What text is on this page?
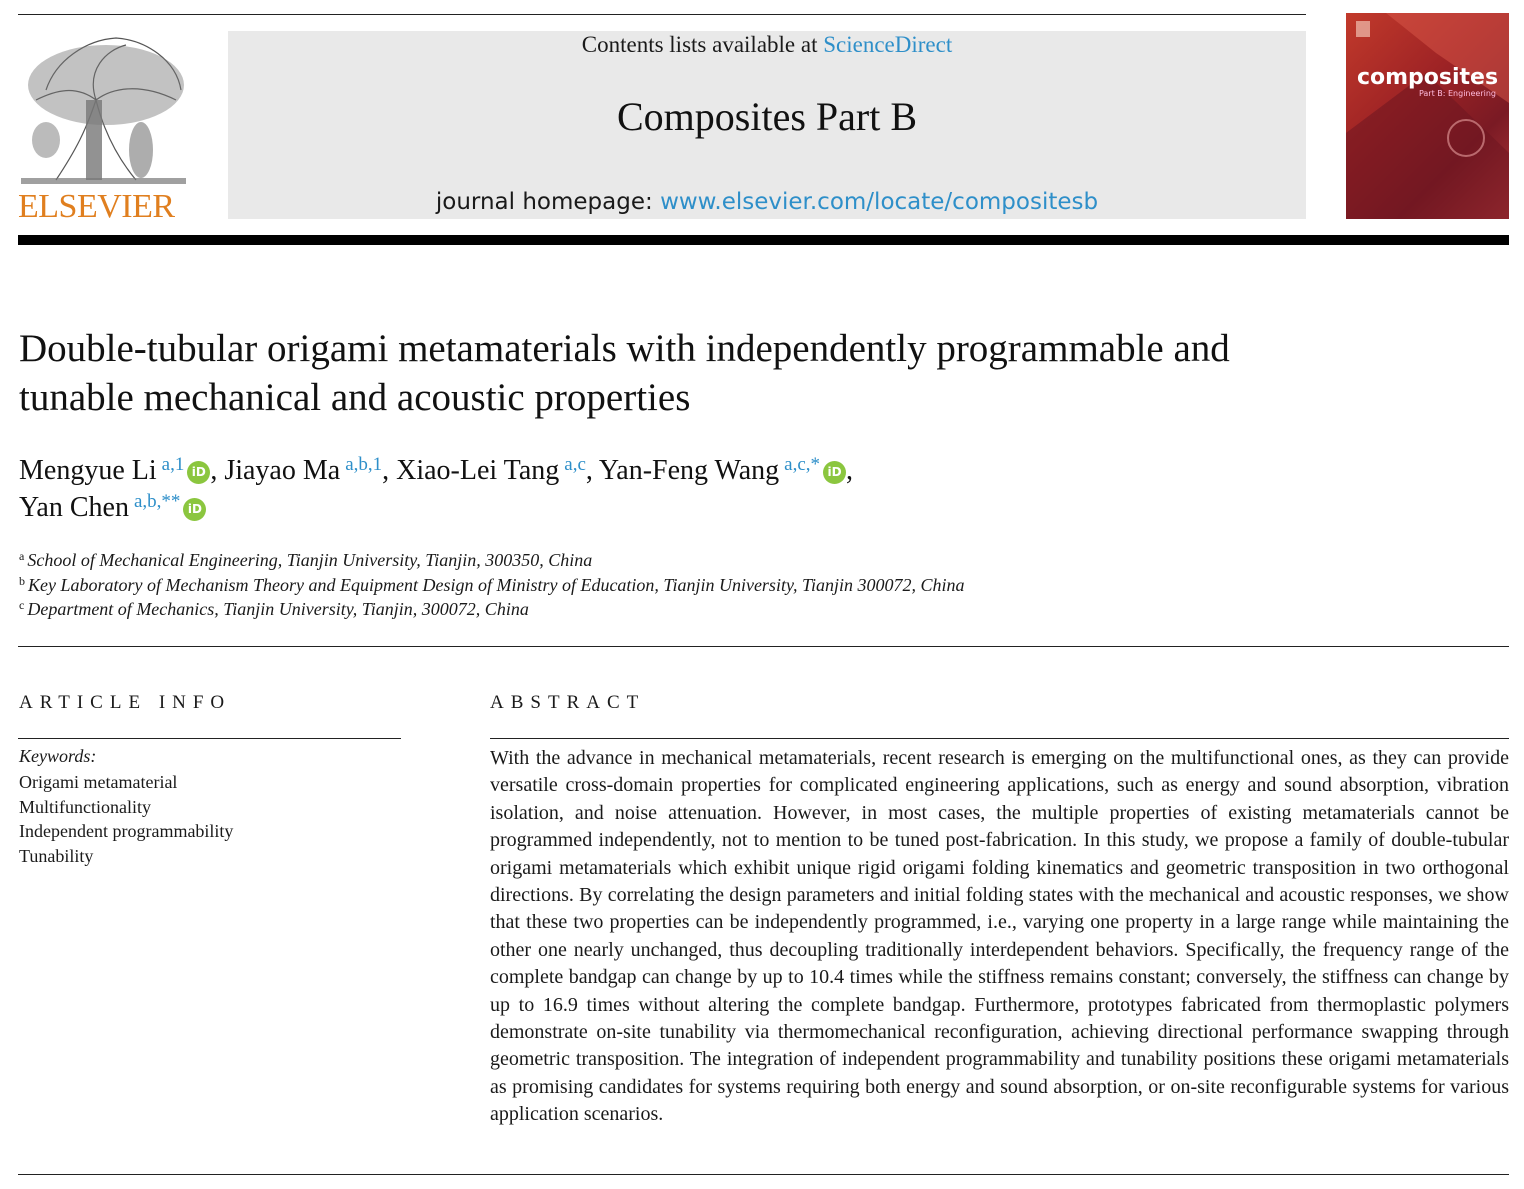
ELSEVIER
Contents lists available at ScienceDirect
Composites Part B
journal homepage: www.elsevier.com/locate/compositesb
composites
Part B: Engineering
Double-tubular origami metamaterials with independently programmable and tunable mechanical and acoustic properties
Mengyue Li $^{a,1}$ iD , Jiayao Ma $^{a,b,1}$, Xiao-Lei Tang $^{a,c}$, Yan-Feng Wang $^{a,c,*}$ iD ,
Yan Chen $^{a,b,**}$ iD
$^a$ School of Mechanical Engineering, Tianjin University, Tianjin, 300350, China
$^b$ Key Laboratory of Mechanism Theory and Equipment Design of Ministry of Education, Tianjin University, Tianjin 300072, China
$^c$ Department of Mechanics, Tianjin University, Tianjin, 300072, China
ARTICLE INFO
Keywords:
Origami metamaterial
Multifunctionality
Independent programmability
Tunability
ABSTRACT
With the advance in mechanical metamaterials, recent research is emerging on the multifunctional ones, as they can provide versatile cross-domain properties for complicated engineering applications, such as energy and sound absorption, vibration isolation, and noise attenuation. However, in most cases, the multiple properties of existing metamaterials cannot be programmed independently, not to mention to be tuned post-fabrication. In this study, we propose a family of double-tubular origami metamaterials which exhibit unique rigid origami folding kinematics and geometric transposition in two orthogonal directions. By correlating the design parameters and initial folding states with the mechanical and acoustic responses, we show that these two properties can be independently programmed, i.e., varying one property in a large range while maintaining the other one nearly unchanged, thus decoupling traditionally interdependent behaviors. Specifically, the frequency range of the complete bandgap can change by up to 10.4 times while the stiffness remains constant; conversely, the stiffness can change by up to 16.9 times without altering the complete bandgap. Furthermore, prototypes fabricated from thermoplastic polymers demonstrate on-site tunability via thermomechanical reconfiguration, achieving directional performance swapping through geometric transposition. The integration of independent programmability and tunability positions these origami metamaterials as promising candidates for systems requiring both energy and sound absorption, or on-site reconfigurable systems for various application scenarios.
